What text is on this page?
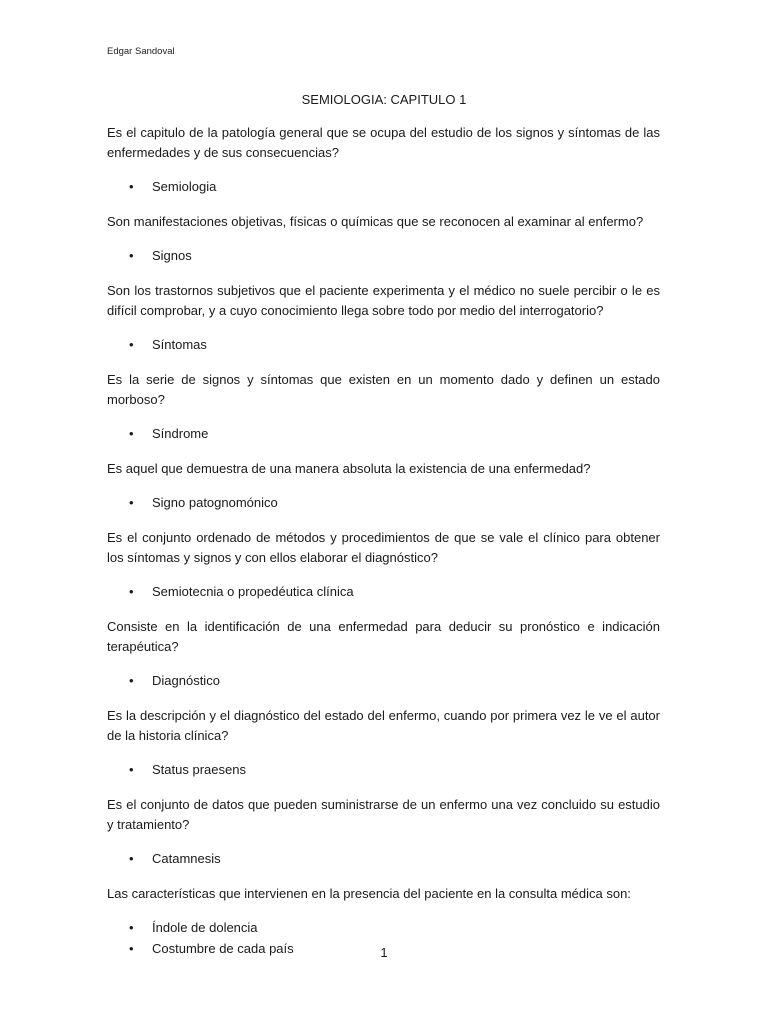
Edgar Sandoval
SEMIOLOGIA: CAPITULO 1

Es el capitulo de la patología general que se ocupa del estudio de los signos y síntomas de las enfermedades y de sus consecuencias?

• Semiologia

Son manifestaciones objetivas, físicas o químicas que se reconocen al examinar al enfermo?

• Signos

Son los trastornos subjetivos que el paciente experimenta y el médico no suele percibir o le es difícil comprobar, y a cuyo conocimiento llega sobre todo por medio del interrogatorio?

• Síntomas

Es la serie de signos y síntomas que existen en un momento dado y definen un estado morboso?

• Síndrome

Es aquel que demuestra de una manera absoluta la existencia de una enfermedad?

• Signo patognomónico

Es el conjunto ordenado de métodos y procedimientos de que se vale el clínico para obtener los síntomas y signos y con ellos elaborar el diagnóstico?

• Semiotecnia o propedéutica clínica

Consiste en la identificación de una enfermedad para deducir su pronóstico e indicación terapéutica?

• Diagnóstico

Es la descripción y el diagnóstico del estado del enfermo, cuando por primera vez le ve el autor de la historia clínica?

• Status praesens

Es el conjunto de datos que pueden suministrarse de un enfermo una vez concluido su estudio y tratamiento?

• Catamnesis

Las características que intervienen en la presencia del paciente en la consulta médica son:

• Índole de dolencia
• Costumbre de cada país	1
